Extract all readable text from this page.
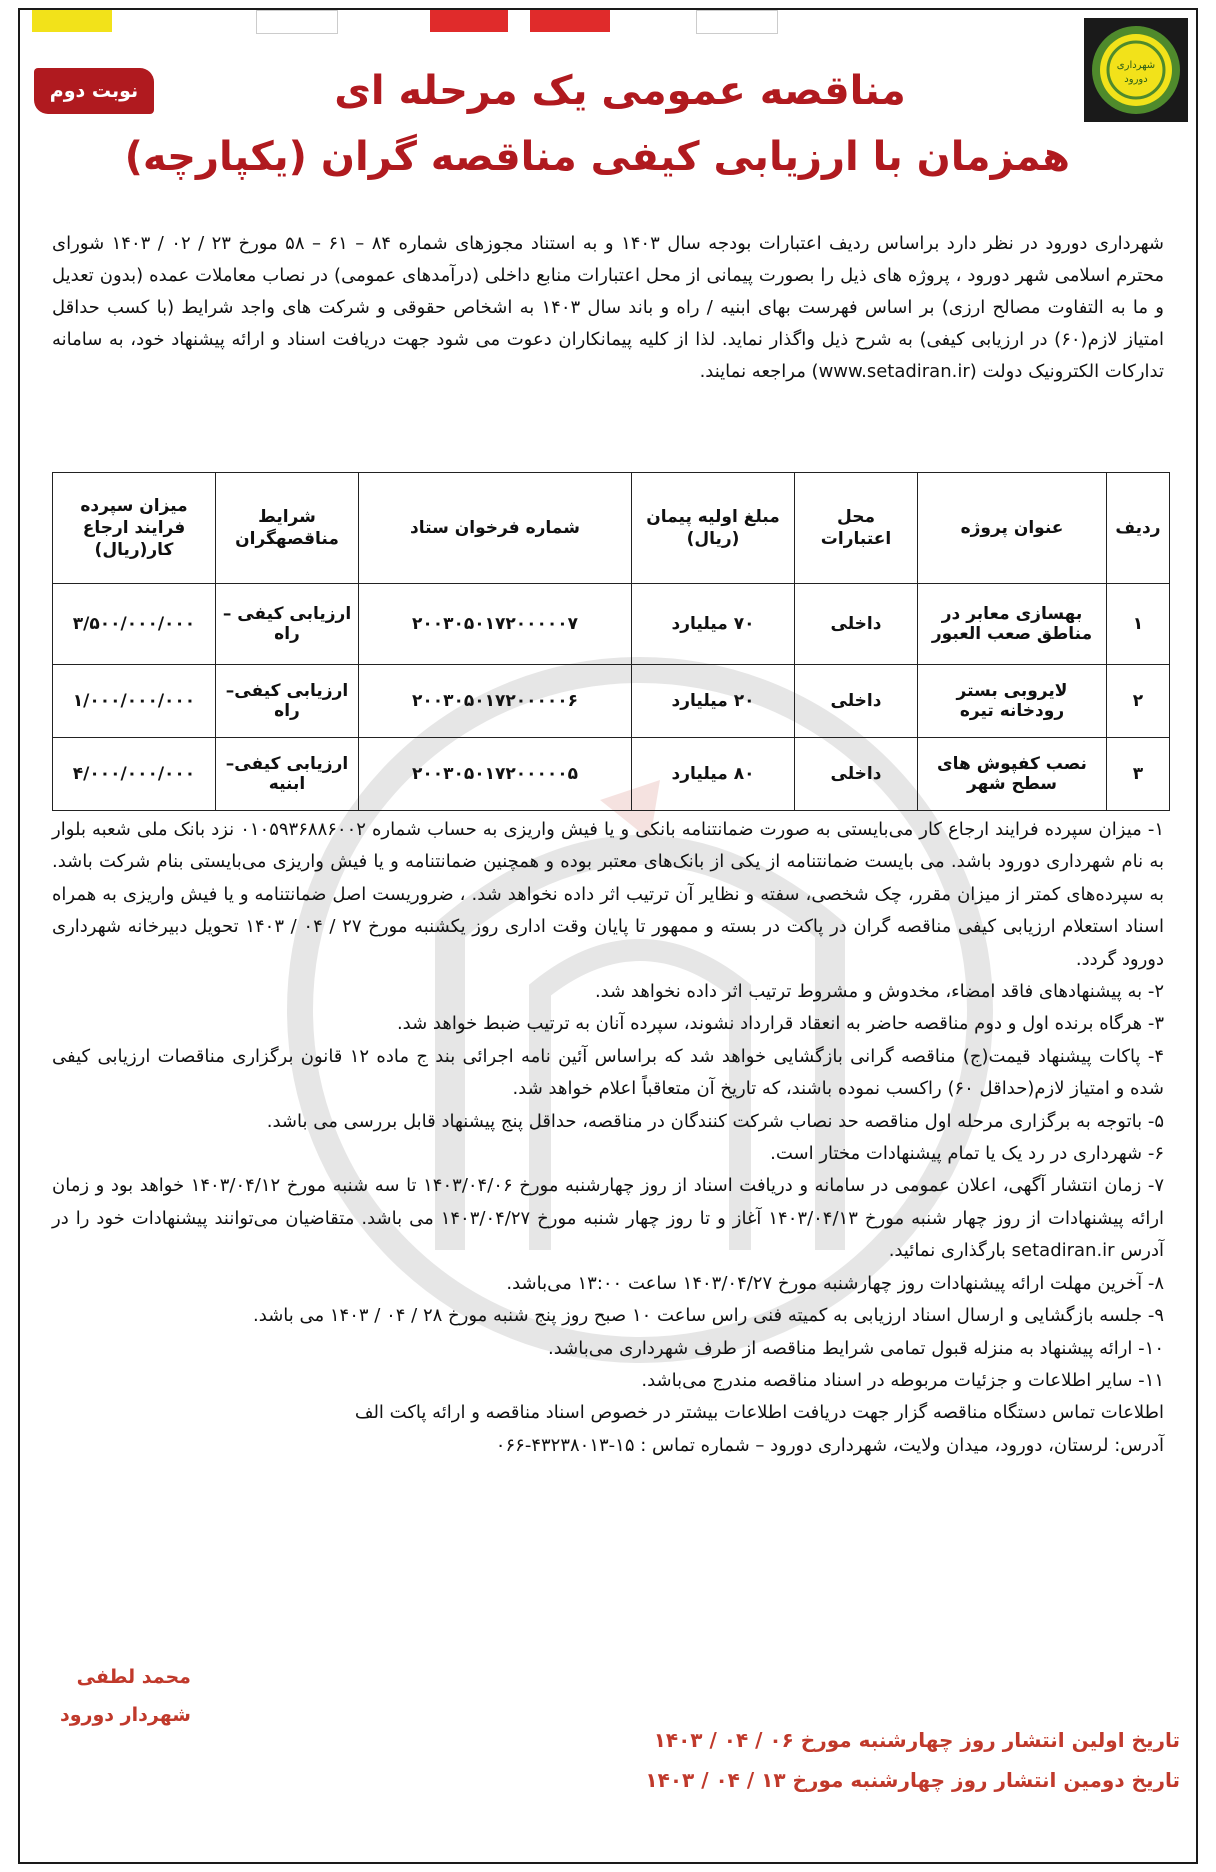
شهرداری
دورود
نوبت دوم	مناقصه عمومی یک مرحله ای
همزمان با ارزیابی کیفی مناقصه گران (یکپارچه)

شهرداری دورود در نظر دارد براساس ردیف اعتبارات بودجه سال ۱۴۰۳ و به استناد مجوزهای شماره ۸۴ – ۶۱ – ۵۸ مورخ ۲۳ / ۰۲ / ۱۴۰۳ شورای محترم اسلامی شهر دورود ، پروژه های ذیل را بصورت پیمانی از محل اعتبارات منابع داخلی (درآمدهای عمومی) در نصاب معاملات عمده (بدون تعدیل و ما به التفاوت مصالح ارزی) بر اساس فهرست بهای ابنیه / راه و باند سال ۱۴۰۳ به اشخاص حقوقی و شرکت های واجد شرایط (با کسب حداقل امتیاز لازم(۶۰) در ارزیابی کیفی) به شرح ذیل واگذار نماید. لذا از کلیه پیمانکاران دعوت می شود جهت دریافت اسناد و ارائه پیشنهاد خود، به سامانه تدارکات الکترونیک دولت (www.setadiran.ir) مراجعه نمایند.

ردیف	عنوان پروژه	محل اعتبارات	مبلغ اولیه پیمان (ریال)	شماره فرخوان ستاد	شرایط مناقصهگران	میزان سپرده فرایند ارجاع کار(ریال)
۱	بهسازی معابر در مناطق صعب العبور	داخلی	۷۰ میلیارد	۲۰۰۳۰۵۰۱۷۲۰۰۰۰۰۷	ارزیابی کیفی –راه	۳/۵۰۰/۰۰۰/۰۰۰
۲	لایروبی بستر رودخانه تیره	داخلی	۲۰ میلیارد	۲۰۰۳۰۵۰۱۷۲۰۰۰۰۰۶	ارزیابی کیفی– راه	۱/۰۰۰/۰۰۰/۰۰۰
۳	نصب کفپوش های سطح شهر	داخلی	۸۰ میلیارد	۲۰۰۳۰۵۰۱۷۲۰۰۰۰۰۵	ارزیابی کیفی– ابنیه	۴/۰۰۰/۰۰۰/۰۰۰

۱- میزان سپرده فرایند ارجاع کار می‌بایستی به صورت ضمانتنامه بانکی و یا فیش واریزی به حساب شماره ۰۱۰۵۹۳۶۸۸۶۰۰۲ نزد بانک ملی شعبه بلوار به نام شهرداری دورود باشد. می بایست ضمانتنامه از یکی از بانک‌های معتبر بوده و همچنین ضمانتنامه و یا فیش واریزی می‌بایستی بنام شرکت باشد. به سپرده‌های کمتر از میزان مقرر، چک شخصی، سفته و نظایر آن ترتیب اثر داده نخواهد شد. ، ضروریست اصل ضمانتنامه و یا فیش واریزی به همراه اسناد استعلام ارزیابی کیفی مناقصه گران در پاکت در بسته و ممهور تا پایان وقت اداری روز یکشنبه مورخ ۲۷ / ۰۴ / ۱۴۰۳ تحویل دبیرخانه شهرداری دورود گردد.

۲- به پیشنهادهای فاقد امضاء، مخدوش و مشروط ترتیب اثر داده نخواهد شد.

۳- هرگاه برنده اول و دوم مناقصه حاضر به انعقاد قرارداد نشوند، سپرده آنان به ترتیب ضبط خواهد شد.

۴- پاکات پیشنهاد قیمت(ج) مناقصه گرانی بازگشایی خواهد شد که براساس آئین نامه اجرائی بند ج ماده ۱۲ قانون برگزاری مناقصات ارزیابی کیفی شده و امتیاز لازم(حداقل ۶۰) راکسب نموده باشند، که تاریخ آن متعاقباً اعلام خواهد شد.

۵- باتوجه به برگزاری مرحله اول مناقصه حد نصاب شرکت کنندگان در مناقصه، حداقل پنج پیشنهاد قابل بررسی می باشد.

۶- شهرداری در رد یک یا تمام پیشنهادات مختار است.

۷- زمان انتشار آگهی، اعلان عمومی در سامانه و دریافت اسناد از روز چهارشنبه مورخ ۱۴۰۳/۰۴/۰۶ تا سه شنبه مورخ ۱۴۰۳/۰۴/۱۲ خواهد بود و زمان ارائه پیشنهادات از روز چهار شنبه مورخ ۱۴۰۳/۰۴/۱۳ آغاز و تا روز چهار شنبه مورخ ۱۴۰۳/۰۴/۲۷ می باشد. متقاضیان می‌توانند پیشنهادات خود را در آدرس setadiran.ir بارگذاری نمائید.

۸- آخرین مهلت ارائه پیشنهادات روز چهارشنبه مورخ ۱۴۰۳/۰۴/۲۷ ساعت ۱۳:۰۰ می‌باشد.

۹- جلسه بازگشایی و ارسال اسناد ارزیابی به کمیته فنی راس ساعت ۱۰ صبح روز پنج شنبه مورخ ۲۸ / ۰۴ / ۱۴۰۳ می باشد.

۱۰- ارائه پیشنهاد به منزله قبول تمامی شرایط مناقصه از طرف شهرداری می‌باشد.

۱۱- سایر اطلاعات و جزئیات مربوطه در اسناد مناقصه مندرج می‌باشد.

اطلاعات تماس دستگاه مناقصه گزار جهت دریافت اطلاعات بیشتر در خصوص اسناد مناقصه و ارائه پاکت الف

آدرس: لرستان، دورود، میدان ولایت، شهرداری دورود – شماره تماس : ۱۵-۴۳۲۳۸۰۱۳-۰۶۶

محمد لطفی
شهردار دورود
تاریخ اولین انتشار روز چهارشنبه مورخ ۰۶ / ۰۴ / ۱۴۰۳
تاریخ دومین انتشار روز چهارشنبه مورخ ۱۳ / ۰۴ / ۱۴۰۳
